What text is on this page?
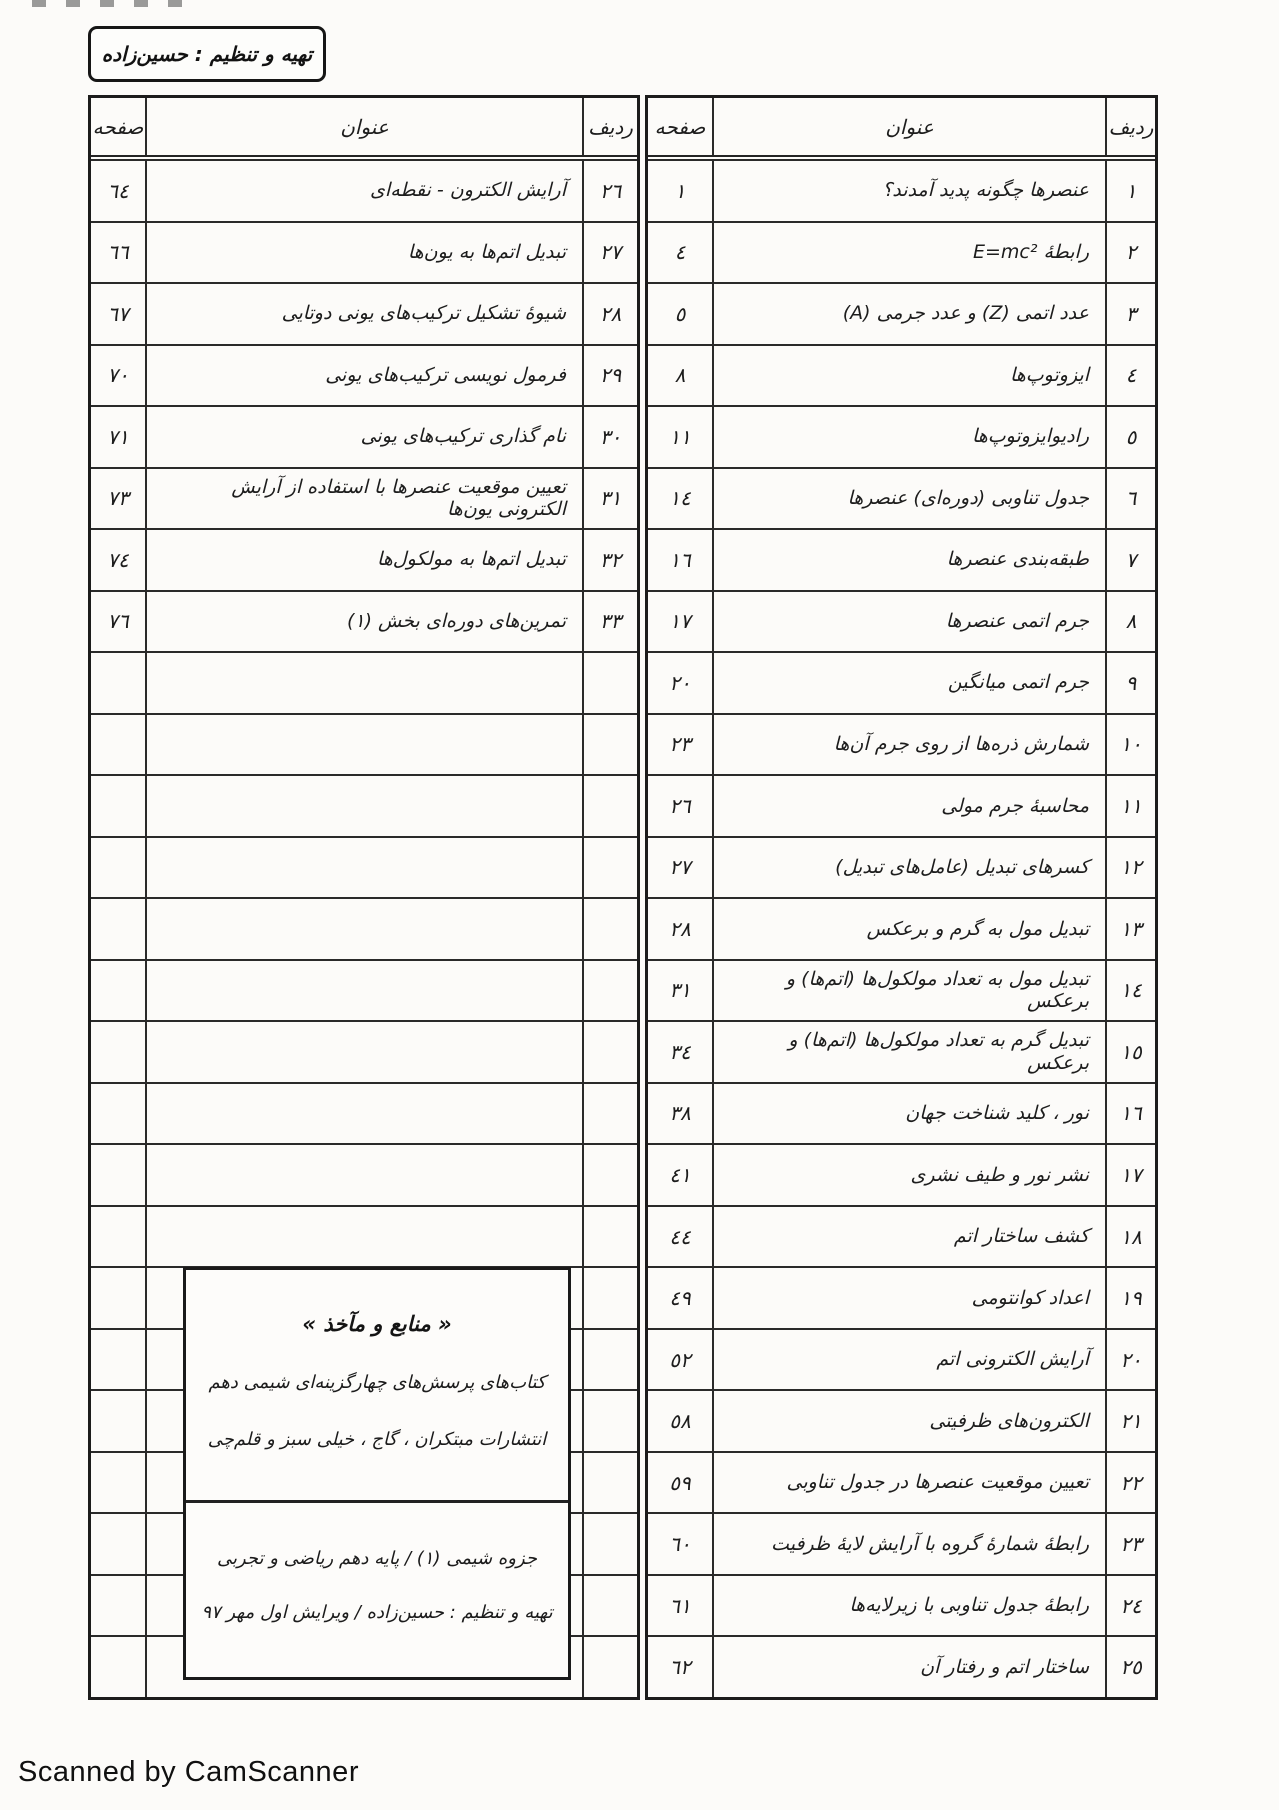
تهیه و تنظیم : حسین‌زاده
ردیف
عنوان
صفحه
١
عنصرها چگونه پدید آمدند؟
١
٢
رابطهٔ E=mc²
٤
٣
عدد اتمی (Z) و عدد جرمی (A)
٥
٤
ایزوتوپ‌ها
٨
٥
رادیوایزوتوپ‌ها
١١
٦
جدول تناوبی (دوره‌ای) عنصرها
١٤
٧
طبقه‌بندی عنصرها
١٦
٨
جرم اتمی عنصرها
١٧
٩
جرم اتمی میانگین
٢٠
١٠
شمارش ذره‌ها از روی جرم آن‌ها
٢٣
١١
محاسبهٔ جرم مولی
٢٦
١٢
کسرهای تبدیل (عامل‌های تبدیل)
٢٧
١٣
تبدیل مول به گرم و برعکس
٢٨
١٤
تبدیل مول به تعداد مولکول‌ها (اتم‌ها) و برعکس
٣١
١٥
تبدیل گرم به تعداد مولکول‌ها (اتم‌ها) و برعکس
٣٤
١٦
نور ، کلید شناخت جهان
٣٨
١٧
نشر نور و طیف نشری
٤١
١٨
کشف ساختار اتم
٤٤
١٩
اعداد کوانتومی
٤٩
٢٠
آرایش الکترونی اتم
٥٢
٢١
الکترون‌های ظرفیتی
٥٨
٢٢
تعیین موقعیت عنصرها در جدول تناوبی
٥٩
٢٣
رابطهٔ شمارهٔ گروه با آرایش لایهٔ ظرفیت
٦٠
٢٤
رابطهٔ جدول تناوبی با زیرلایه‌ها
٦١
٢٥
ساختار اتم و رفتار آن
٦٢
ردیف
عنوان
صفحه
٢٦
آرایش الکترون - نقطه‌ای
٦٤
٢٧
تبدیل اتم‌ها به یون‌ها
٦٦
٢٨
شیوهٔ تشکیل ترکیب‌های یونی دوتایی
٦٧
٢٩
فرمول نویسی ترکیب‌های یونی
٧٠
٣٠
نام گذاری ترکیب‌های یونی
٧١
٣١
تعیین موقعیت عنصرها با استفاده از آرایش الکترونی یون‌ها
٧٣
٣٢
تبدیل اتم‌ها به مولکول‌ها
٧٤
٣٣
تمرین‌های دوره‌ای بخش (١)
٧٦
« منابع و مآخذ »
کتاب‌های پرسش‌های چهارگزینه‌ای شیمی دهم
انتشارات مبتکران ، گاج ، خیلی سبز و قلم‌چی
جزوه شیمی (١) / پایه دهم ریاضی و تجربی
تهیه و تنظیم : حسین‌زاده / ویرایش اول مهر ٩٧
Scanned by CamScanner
